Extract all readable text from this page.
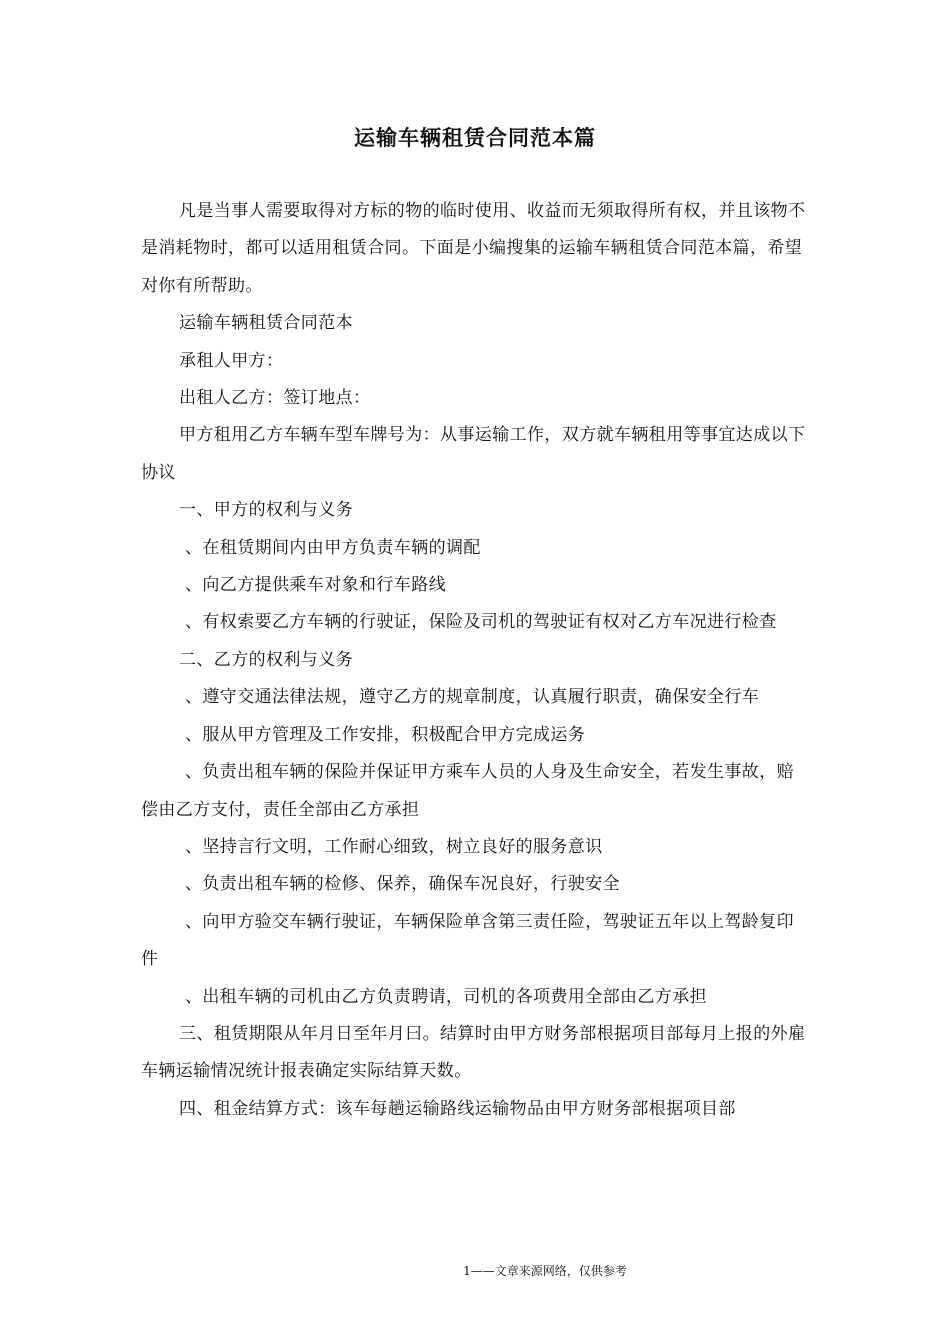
运输车辆租赁合同范本篇

凡是当事人需要取得对方标的物的临时使用、收益而无须取得所有权，并且该物不是消耗物时，都可以适用租赁合同。下面是小编搜集的运输车辆租赁合同范本篇，希望对你有所帮助。

运输车辆租赁合同范本

承租人甲方：

出租人乙方：签订地点：

甲方租用乙方车辆车型车牌号为：从事运输工作，双方就车辆租用等事宜达成以下协议

一、甲方的权利与义务

、在租赁期间内由甲方负责车辆的调配

、向乙方提供乘车对象和行车路线

、有权索要乙方车辆的行驶证，保险及司机的驾驶证有权对乙方车况进行检查

二、乙方的权利与义务

、遵守交通法律法规，遵守乙方的规章制度，认真履行职责，确保安全行车

、服从甲方管理及工作安排，积极配合甲方完成运务

、负责出租车辆的保险并保证甲方乘车人员的人身及生命安全，若发生事故，赔偿由乙方支付，责任全部由乙方承担

、坚持言行文明，工作耐心细致，树立良好的服务意识

、负责出租车辆的检修、保养，确保车况良好，行驶安全

、向甲方验交车辆行驶证，车辆保险单含第三责任险，驾驶证五年以上驾龄复印件

、出租车辆的司机由乙方负责聘请，司机的各项费用全部由乙方承担

三、租赁期限从年月日至年月曰。结算时由甲方财务部根据项目部每月上报的外雇车辆运输情况统计报表确定实际结算天数。

四、租金结算方式：该车每趟运输路线运输物品由甲方财务部根据项目部

1——文章来源网络，仅供参考
